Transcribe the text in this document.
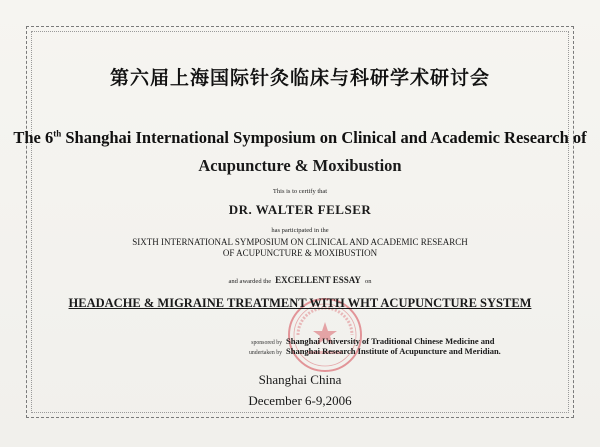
第六届上海国际针灸临床与科研学术研讨会
The 6th Shanghai International Symposium on Clinical and Academic Research of
Acupuncture & Moxibustion
This is to certify that
DR. WALTER FELSER
has participated in the
SIXTH INTERNATIONAL SYMPOSIUM ON CLINICAL AND ACADEMIC RESEARCH
OF ACUPUNCTURE & MOXIBUSTION
and awarded the EXCELLENT ESSAY on
HEADACHE & MIGRAINE TREATMENT WITH WHT ACUPUNCTURE SYSTEM
sponsored by Shanghai University of Traditional Chinese Medicine and
undertaken by Shanghai Research Institute of Acupuncture and Meridian.
Shanghai China
December 6-9,2006
